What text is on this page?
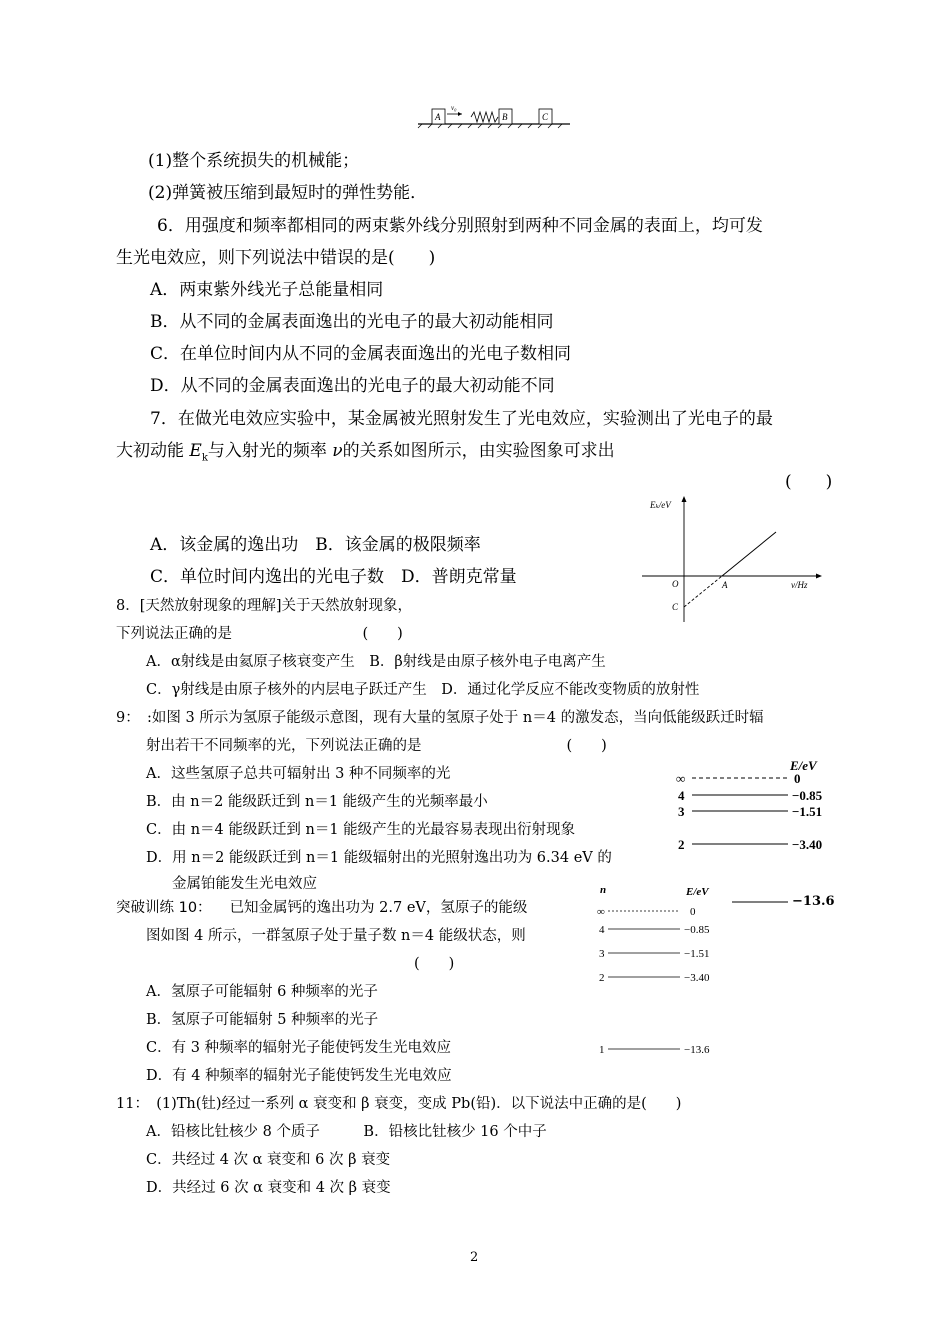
A
v₀
B	C
(1)整个系统损失的机械能；
(2)弹簧被压缩到最短时的弹性势能．
6．用强度和频率都相同的两束紫外线分别照射到两种不同金属的表面上，均可发
生光电效应，则下列说法中错误的是(　　)
A．两束紫外线光子总能量相同
B．从不同的金属表面逸出的光电子的最大初动能相同
C．在单位时间内从不同的金属表面逸出的光电子数相同
D．从不同的金属表面逸出的光电子的最大初动能不同
7．在做光电效应实验中，某金属被光照射发生了光电效应，实验测出了光电子的最
大初动能 $E_k$与入射光的频率 ν的关系如图所示，由实验图象可求出
(　　)
A．该金属的逸出功　B．该金属的极限频率
C．单位时间内逸出的光电子数　D．普朗克常量
Eₖ/eV
ν/Hz
O	A
C
8．[天然放射现象的理解]关于天然放射现象，
下列说法正确的是　　　　　　　　　(　　)
A．α射线是由氦原子核衰变产生　B．β射线是由原子核外电子电离产生
C．γ射线是由原子核外的内层电子跃迁产生　D．通过化学反应不能改变物质的放射性
9：　:如图 3 所示为氢原子能级示意图，现有大量的氢原子处于 n＝4 的激发态，当向低能级跃迁时辐
射出若干不同频率的光，下列说法正确的是　　　　　　　　　　(　　)
A．这些氢原子总共可辐射出 3 种不同频率的光
B．由 n＝2 能级跃迁到 n＝1 能级产生的光频率最小
C．由 n＝4 能级跃迁到 n＝1 能级产生的光最容易表现出衍射现象
D．用 n＝2 能级跃迁到 n＝1 能级辐射出的光照射逸出功为 6.34 eV 的
金属铂能发生光电效应
E/eV
∞	0
4	−0.85
3	−1.51
2	−3.40
−13.6
突破训练 10： 已知金属钙的逸出功为 2.7 eV，氢原子的能级
图如图 4 所示，一群氢原子处于量子数 n＝4 能级状态，则
(　　)
A．氢原子可能辐射 6 种频率的光子
B．氢原子可能辐射 5 种频率的光子
C．有 3 种频率的辐射光子能使钙发生光电效应
D．有 4 种频率的辐射光子能使钙发生光电效应
n	E/eV
∞	0
4	−0.85
3	−1.51
2	−3.40
1	−13.6
11：　(1)Th(钍)经过一系列 α 衰变和 β 衰变，变成 Pb(铅)．以下说法中正确的是(　　)
A．铅核比钍核少 8 个质子　　　B．铅核比钍核少 16 个中子
C．共经过 4 次 α 衰变和 6 次 β 衰变
D．共经过 6 次 α 衰变和 4 次 β 衰变
2
